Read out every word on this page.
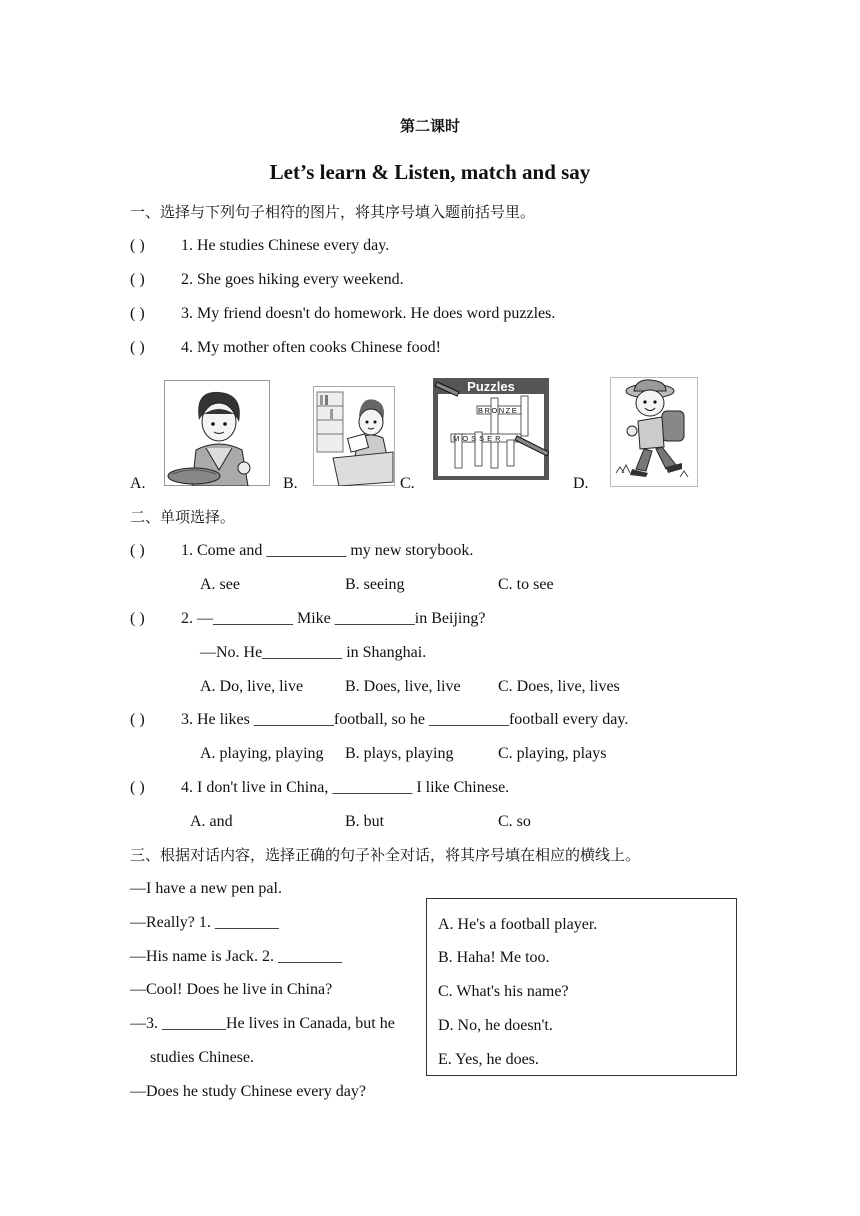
第二课时
Let’s learn & Listen, match and say
一、选择与下列句子相符的图片，将其序号填入题前括号里。
( ) 1. He studies Chinese every day.
( ) 2. She goes hiking every weekend.
( ) 3. My friend doesn't do homework. He does word puzzles.
( ) 4. My mother often cooks Chinese food!
A.	B.	C.	D.
Puzzles
BRONZE
MOSSER
二、单项选择。
( ) 1. Come and __________ my new storybook.
A. see	B. seeing	C. to see
( ) 2. —__________ Mike __________in Beijing?
—No. He__________ in Shanghai.
A. Do, live, live	B. Does, live, live C. Does, live, lives
( ) 3. He likes __________football, so he __________football every day.
A. playing, playing B. plays, playing	C. playing, plays
( ) 4. I don't live in China, __________ I like Chinese.
A. and	B. but	C. so
三、根据对话内容，选择正确的句子补全对话，将其序号填在相应的横线上。
—I have a new pen pal.
—Really? 1. ________
—His name is Jack. 2. ________
—Cool! Does he live in China?
—3. ________He lives in Canada, but he
studies Chinese.
—Does he study Chinese every day?
A. He's a football player.
B. Haha! Me too.
C. What's his name?
D. No, he doesn't.
E. Yes, he does.
